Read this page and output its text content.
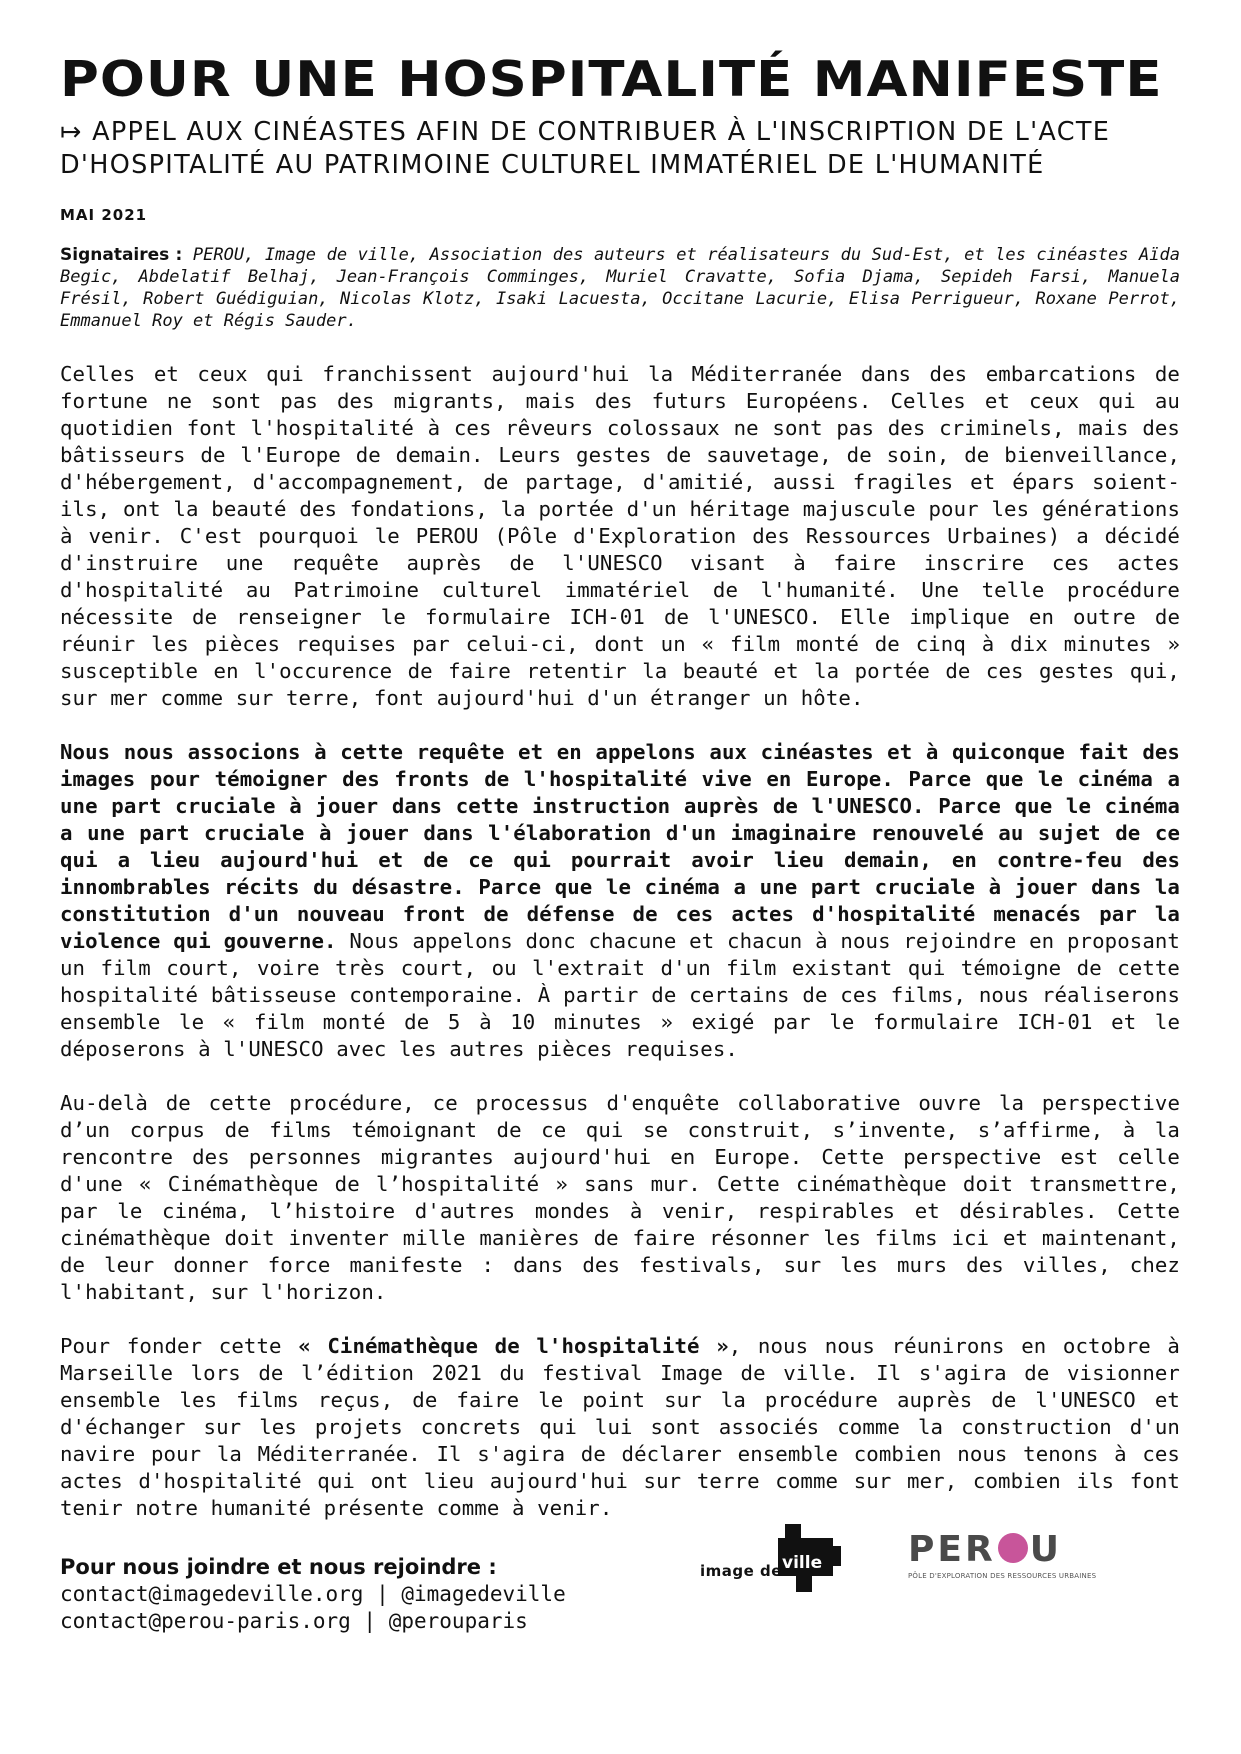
POUR UNE HOSPITALITÉ MANIFESTE
↦ APPEL AUX CINÉASTES AFIN DE CONTRIBUER À L'INSCRIPTION DE L'ACTE
D'HOSPITALITÉ AU PATRIMOINE CULTUREL IMMATÉRIEL DE L'HUMANITÉ
MAI 2021
Signataires : PEROU, Image de ville, Association des auteurs et réalisateurs du Sud-Est, et les cinéastes Aïda Begic, Abdelatif Belhaj, Jean-François Comminges, Muriel Cravatte, Sofia Djama, Sepideh Farsi, Manuela Frésil, Robert Guédiguian, Nicolas Klotz, Isaki Lacuesta, Occitane Lacurie, Elisa Perrigueur, Roxane Perrot, Emmanuel Roy et Régis Sauder.

Celles et ceux qui franchissent aujourd'hui la Méditerranée dans des embarcations de fortune ne sont pas des migrants, mais des futurs Européens. Celles et ceux qui au quotidien font l'hospitalité à ces rêveurs colossaux ne sont pas des criminels, mais des bâtisseurs de l'Europe de demain. Leurs gestes de sauvetage, de soin, de bienveillance, d'hébergement, d'accompagnement, de partage, d'amitié, aussi fragiles et épars soient-ils, ont la beauté des fondations, la portée d'un héritage majuscule pour les générations à venir. C'est pourquoi le PEROU (Pôle d'Exploration des Ressources Urbaines) a décidé d'instruire une requête auprès de l'UNESCO visant à faire inscrire ces actes d'hospitalité au Patrimoine culturel immatériel de l'humanité. Une telle procédure nécessite de renseigner le formulaire ICH-01 de l'UNESCO. Elle implique en outre de réunir les pièces requises par celui-ci, dont un « film monté de cinq à dix minutes » susceptible en l'occurence de faire retentir la beauté et la portée de ces gestes qui, sur mer comme sur terre, font aujourd'hui d'un étranger un hôte.

Nous nous associons à cette requête et en appelons aux cinéastes et à quiconque fait des images pour témoigner des fronts de l'hospitalité vive en Europe. Parce que le cinéma a une part cruciale à jouer dans cette instruction auprès de l'UNESCO. Parce que le cinéma a une part cruciale à jouer dans l'élaboration d'un imaginaire renouvelé au sujet de ce qui a lieu aujourd'hui et de ce qui pourrait avoir lieu demain, en contre-feu des innombrables récits du désastre. Parce que le cinéma a une part cruciale à jouer dans la constitution d'un nouveau front de défense de ces actes d'hospitalité menacés par la violence qui gouverne. Nous appelons donc chacune et chacun à nous rejoindre en proposant un film court, voire très court, ou l'extrait d'un film existant qui témoigne de cette hospitalité bâtisseuse contemporaine. À partir de certains de ces films, nous réaliserons ensemble le « film monté de 5 à 10 minutes » exigé par le formulaire ICH-01 et le déposerons à l'UNESCO avec les autres pièces requises.

Au-delà de cette procédure, ce processus d'enquête collaborative ouvre la perspective d’un corpus de films témoignant de ce qui se construit, s’invente, s’affirme, à la rencontre des personnes migrantes aujourd'hui en Europe. Cette perspective est celle d'une « Cinémathèque de l’hospitalité » sans mur. Cette cinémathèque doit transmettre, par le cinéma, l’histoire d'autres mondes à venir, respirables et désirables. Cette cinémathèque doit inventer mille manières de faire résonner les films ici et maintenant, de leur donner force manifeste : dans des festivals, sur les murs des villes, chez l'habitant, sur l'horizon.

Pour fonder cette « Cinémathèque de l'hospitalité », nous nous réunirons en octobre à Marseille lors de l’édition 2021 du festival Image de ville. Il s'agira de visionner ensemble les films reçus, de faire le point sur la procédure auprès de l'UNESCO et d'échanger sur les projets concrets qui lui sont associés comme la construction d'un navire pour la Méditerranée. Il s'agira de déclarer ensemble combien nous tenons à ces actes d'hospitalité qui ont lieu aujourd'hui sur terre comme sur mer, combien ils font tenir notre humanité présente comme à venir.

Pour nous joindre et nous rejoindre :
contact@imagedeville.org | @imagedeville
contact@perou-paris.org | @perouparis
ville
image de
PER U
PÔLE D'EXPLORATION DES RESSOURCES URBAINES
